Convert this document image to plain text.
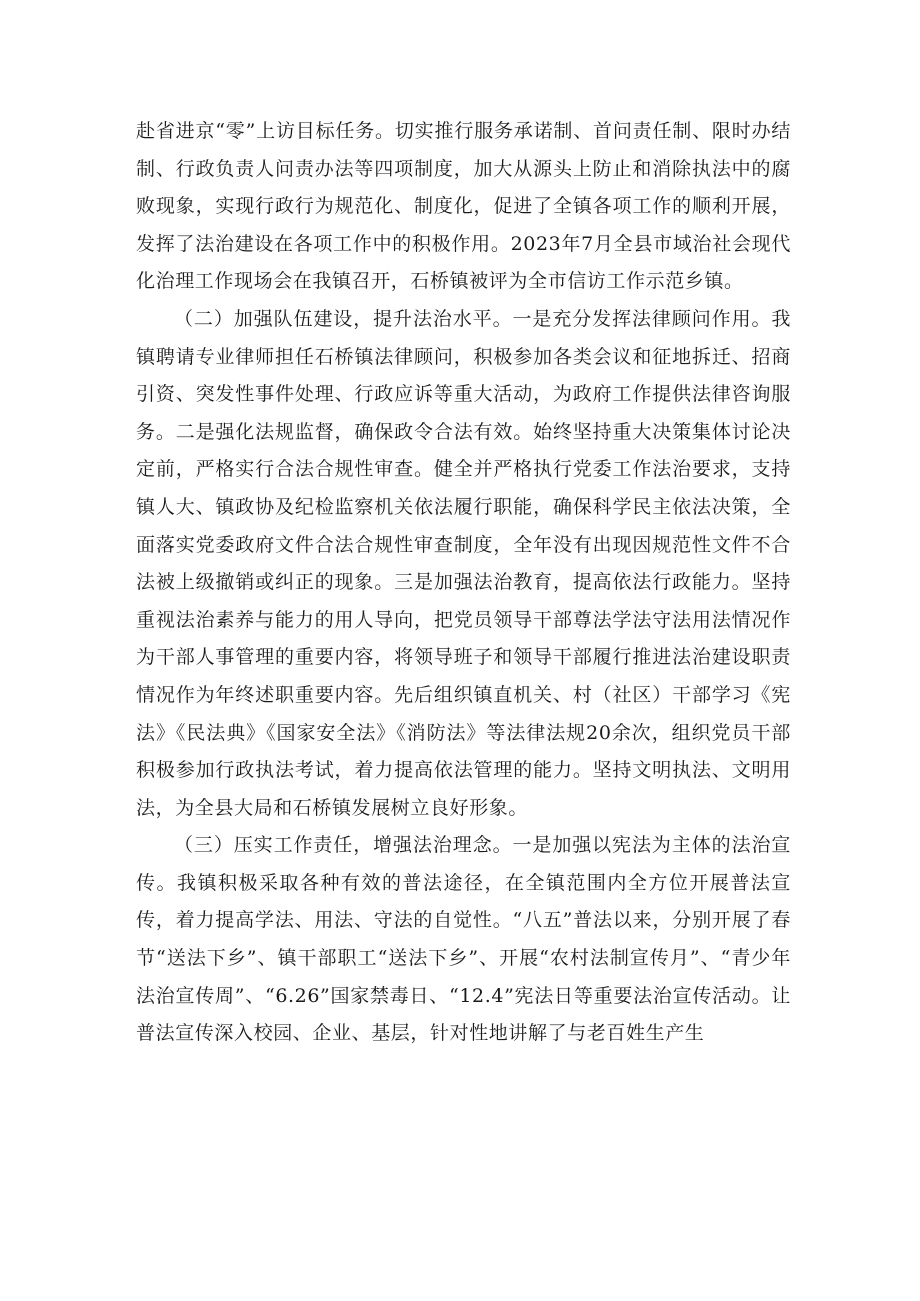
赴省进京“零”上访目标任务。切实推行服务承诺制、首问责任制、限时办结制、行政负责人问责办法等四项制度，加大从源头上防止和消除执法中的腐败现象，实现行政行为规范化、制度化，促进了全镇各项工作的顺利开展，发挥了法治建设在各项工作中的积极作用。2023年7月全县市域治社会现代化治理工作现场会在我镇召开，石桥镇被评为全市信访工作示范乡镇。

（二）加强队伍建设，提升法治水平。一是充分发挥法律顾问作用。我镇聘请专业律师担任石桥镇法律顾问，积极参加各类会议和征地拆迁、招商引资、突发性事件处理、行政应诉等重大活动，为政府工作提供法律咨询服务。二是强化法规监督，确保政令合法有效。始终坚持重大决策集体讨论决定前，严格实行合法合规性审查。健全并严格执行党委工作法治要求，支持镇人大、镇政协及纪检监察机关依法履行职能，确保科学民主依法决策，全面落实党委政府文件合法合规性审查制度，全年没有出现因规范性文件不合法被上级撤销或纠正的现象。三是加强法治教育，提高依法行政能力。坚持重视法治素养与能力的用人导向，把党员领导干部尊法学法守法用法情况作为干部人事管理的重要内容，将领导班子和领导干部履行推进法治建设职责情况作为年终述职重要内容。先后组织镇直机关、村（社区）干部学习《宪法》《民法典》《国家安全法》《消防法》等法律法规20余次，组织党员干部积极参加行政执法考试，着力提高依法管理的能力。坚持文明执法、文明用法，为全县大局和石桥镇发展树立良好形象。

（三）压实工作责任，增强法治理念。一是加强以宪法为主体的法治宣传。我镇积极采取各种有效的普法途径，在全镇范围内全方位开展普法宣传，着力提高学法、用法、守法的自觉性。“八五”普法以来，分别开展了春节“送法下乡”、镇干部职工“送法下乡”、开展“农村法制宣传月”、“青少年法治宣传周”、“6.26”国家禁毒日、“12.4”宪法日等重要法治宣传活动。让普法宣传深入校园、企业、基层，针对性地讲解了与老百姓生产生
